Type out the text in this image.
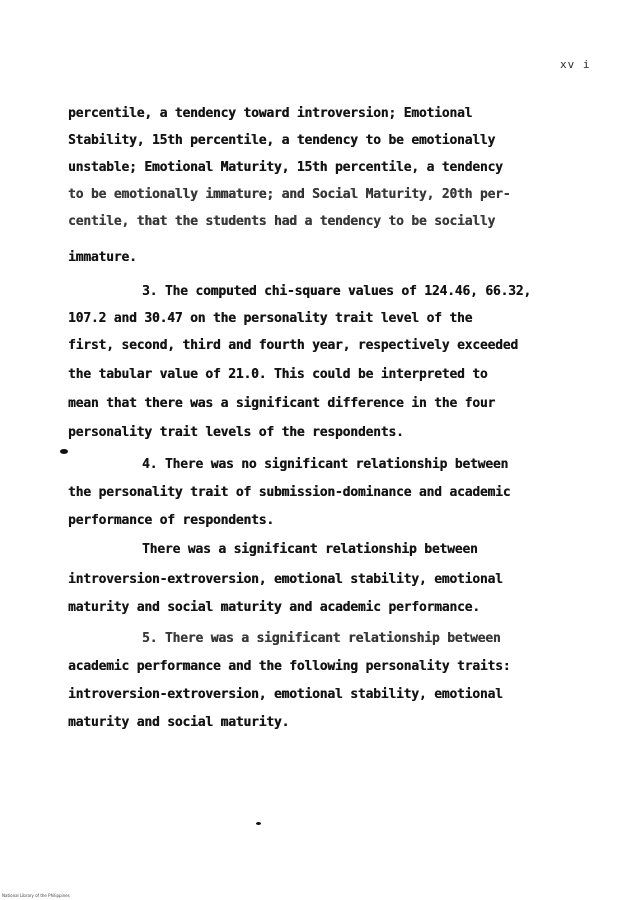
xv i
percentile, a tendency toward introversion; Emotional
Stability, 15th percentile, a tendency to be emotionally
unstable; Emotional Maturity, 15th percentile, a tendency
to be emotionally immature; and Social Maturity, 20th per-
centile, that the students had a tendency to be socially
immature.
3. The computed chi-square values of 124.46, 66.32,
107.2 and 30.47 on the personality trait level of the
first, second, third and fourth year, respectively exceeded
the tabular value of 21.0. This could be interpreted to
mean that there was a significant difference in the four
personality trait levels of the respondents.
4. There was no significant relationship between
the personality trait of submission-dominance and academic
performance of respondents.
There was a significant relationship between
introversion-extroversion, emotional stability, emotional
maturity and social maturity and academic performance.
5. There was a significant relationship between
academic performance and the following personality traits:
introversion-extroversion, emotional stability, emotional
maturity and social maturity.
National Library of the Philippines
